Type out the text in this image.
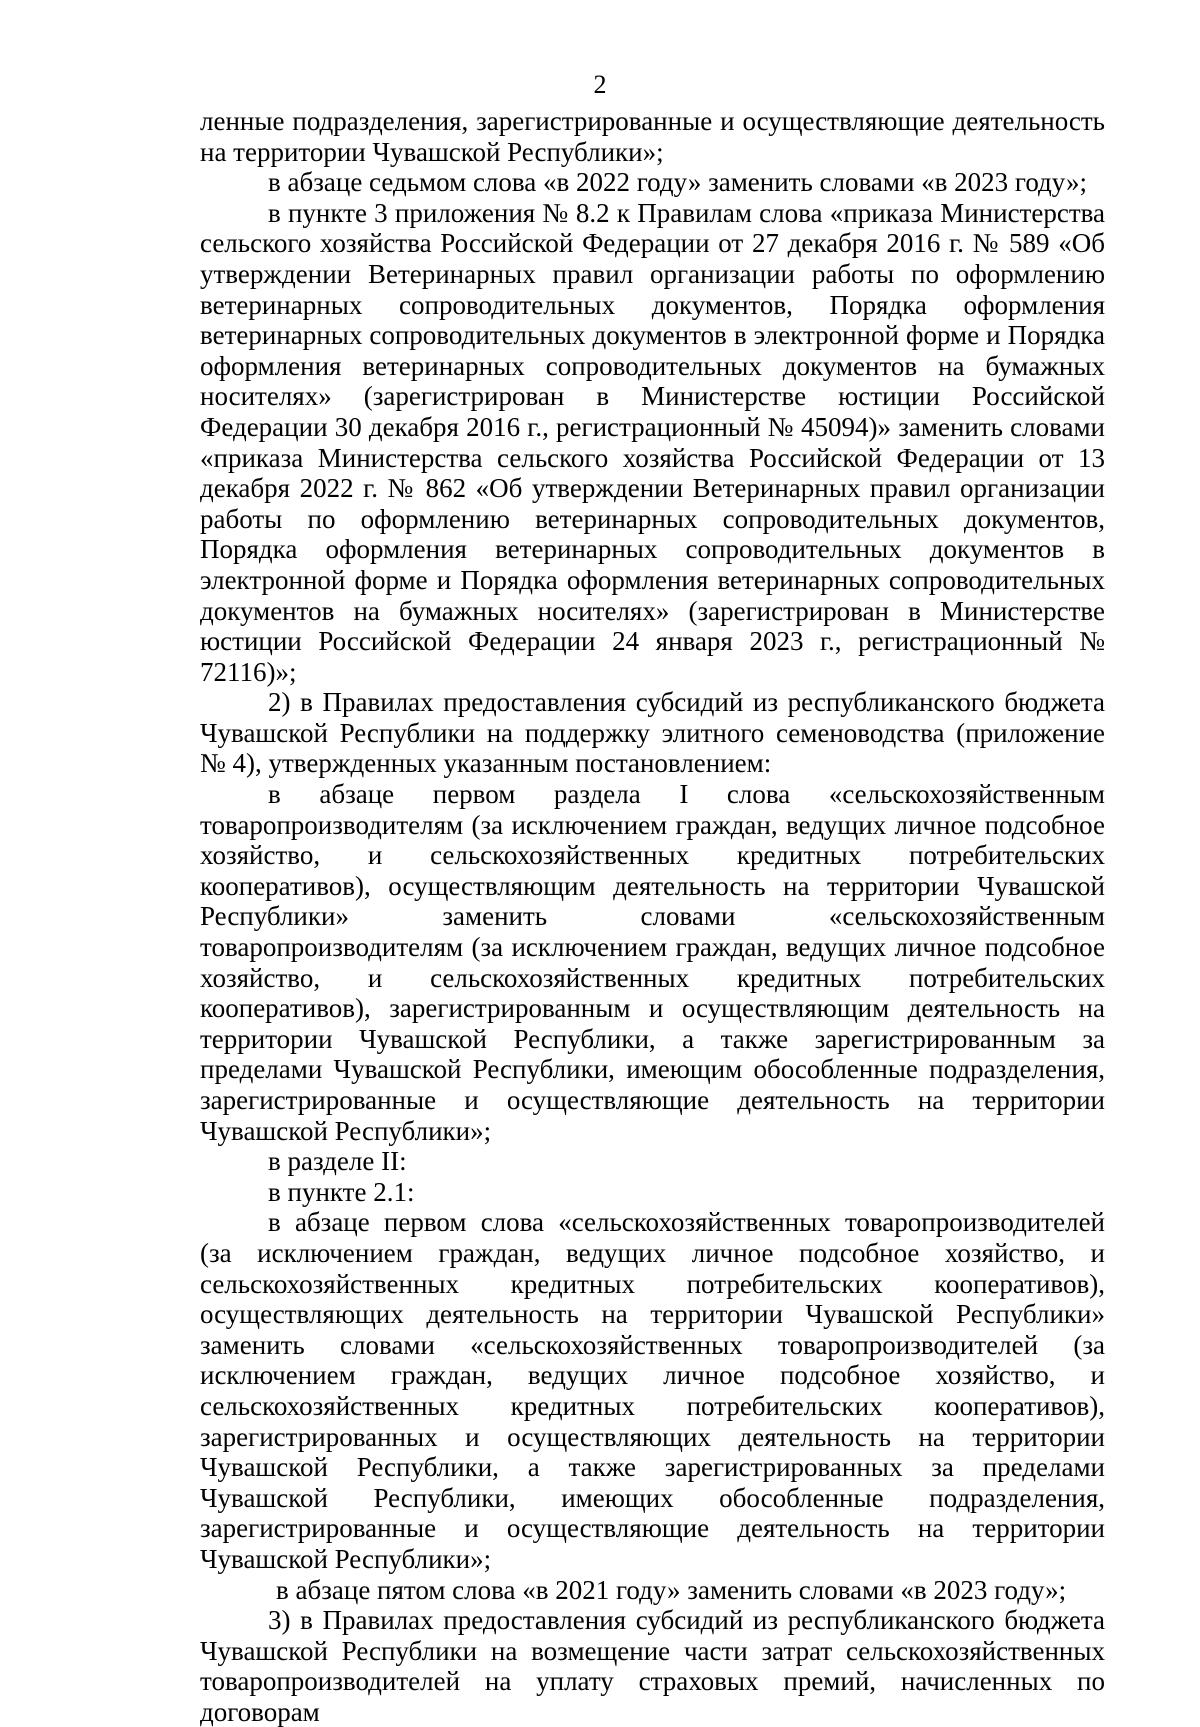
2

ленные подразделения, зарегистрированные и осуществляющие деятельность на территории Чувашской Республики»;

в абзаце седьмом слова «в 2022 году» заменить словами «в 2023 году»;

в пункте 3 приложения № 8.2 к Правилам слова «приказа Министерства сельского хозяйства Российской Федерации от 27 декабря 2016 г. № 589 «Об утверждении Ветеринарных правил организации работы по оформлению ветеринарных сопроводительных документов, Порядка оформления ветеринарных сопроводительных документов в электронной форме и Порядка оформления ветеринарных сопроводительных документов на бумажных носителях» (зарегистрирован в Министерстве юстиции Российской Федерации 30 декабря 2016 г., регистрационный № 45094)» заменить словами «приказа Министерства сельского хозяйства Российской Федерации от 13 декабря 2022 г. № 862 «Об утверждении Ветеринарных правил организации работы по оформлению ветеринарных сопроводительных документов, Порядка оформления ветеринарных сопроводительных документов в электронной форме и Порядка оформления ветеринарных сопроводительных документов на бумажных носителях» (зарегистрирован в Министерстве юстиции Российской Федерации 24 января 2023 г., регистрационный № 72116)»;

2) в Правилах предоставления субсидий из республиканского бюджета Чувашской Республики на поддержку элитного семеноводства (приложение № 4), утвержденных указанным постановлением:

в абзаце первом раздела I слова «сельскохозяйственным товаропроизводителям (за исключением граждан, ведущих личное подсобное хозяйство, и сельскохозяйственных кредитных потребительских кооперативов), осуществляющим деятельность на территории Чувашской Республики» заменить словами «сельскохозяйственным товаропроизводителям (за исключением граждан, ведущих личное подсобное хозяйство, и сельскохозяйственных кредитных потребительских кооперативов), зарегистрированным и осуществляющим деятельность на территории Чувашской Республики, а также зарегистрированным за пределами Чувашской Республики, имеющим обособленные подразделения, зарегистрированные и осуществляющие деятельность на территории Чувашской Республики»;

в разделе II:

в пункте 2.1:

в абзаце первом слова «сельскохозяйственных товаропроизводителей (за исключением граждан, ведущих личное подсобное хозяйство, и сельскохозяйственных кредитных потребительских кооперативов), осуществляющих деятельность на территории Чувашской Республики» заменить словами «сельскохозяйственных товаропроизводителей (за исключением граждан, ведущих личное подсобное хозяйство, и сельскохозяйственных кредитных потребительских кооперативов), зарегистрированных и осуществляющих деятельность на территории Чувашской Республики, а также зарегистрированных за пределами Чувашской Республики, имеющих обособленные подразделения, зарегистрированные и осуществляющие деятельность на территории Чувашской Республики»;

в абзаце пятом слова «в 2021 году» заменить словами «в 2023 году»;

3) в Правилах предоставления субсидий из республиканского бюджета Чувашской Республики на возмещение части затрат сельскохозяйственных товаропроизводителей на уплату страховых премий, начисленных по договорам
